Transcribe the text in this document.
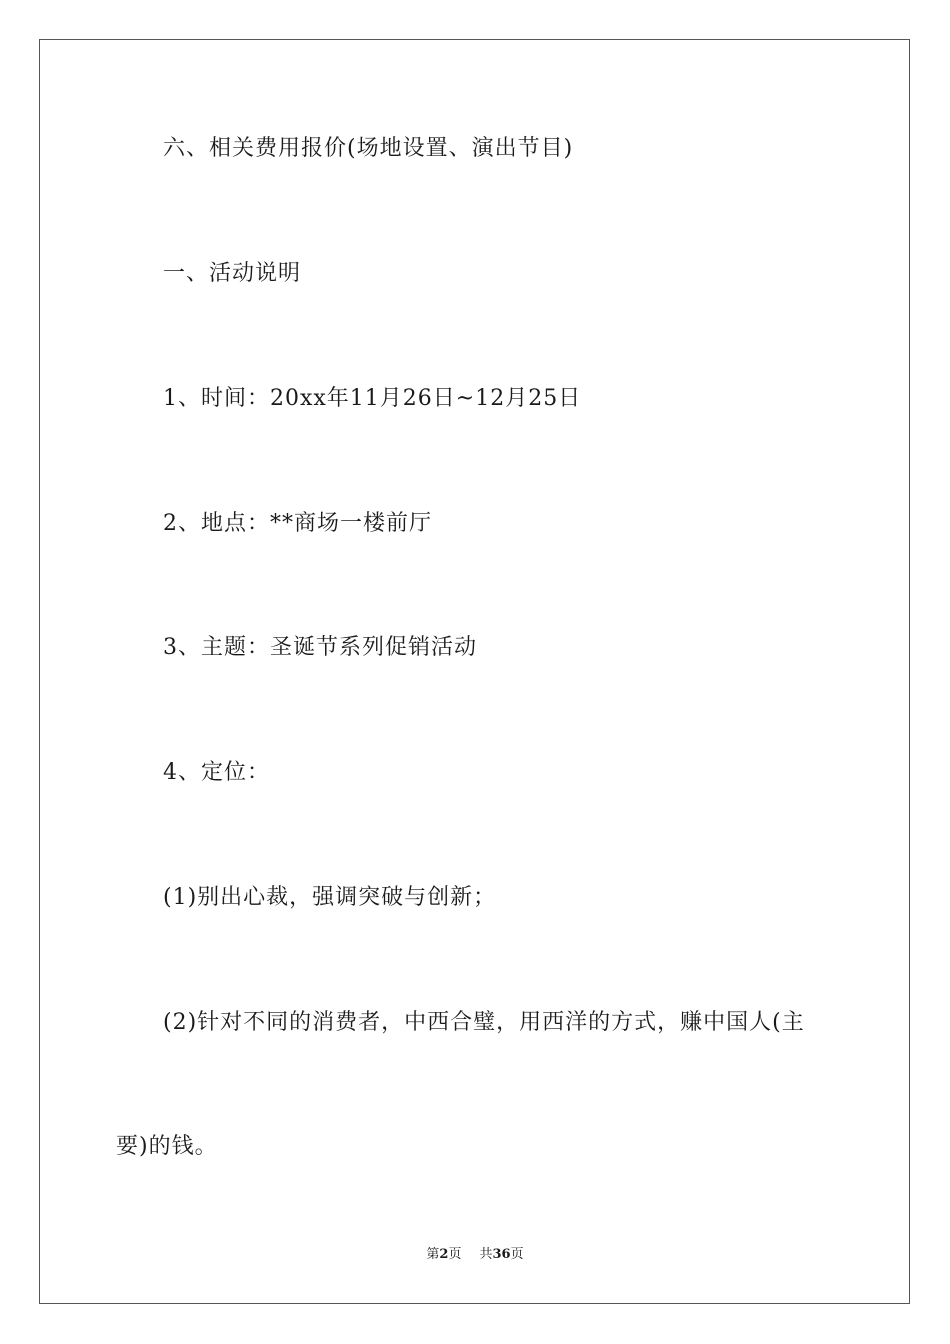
六、相关费用报价(场地设置、演出节目)
一、活动说明
1、时间：20xx年11月26日~12月25日
2、地点：**商场一楼前厅
3、主题：圣诞节系列促销活动
4、定位：
(1)别出心裁，强调突破与创新；
(2)针对不同的消费者，中西合璧，用西洋的方式，赚中国人(主
要)的钱。
第2页 共36页
